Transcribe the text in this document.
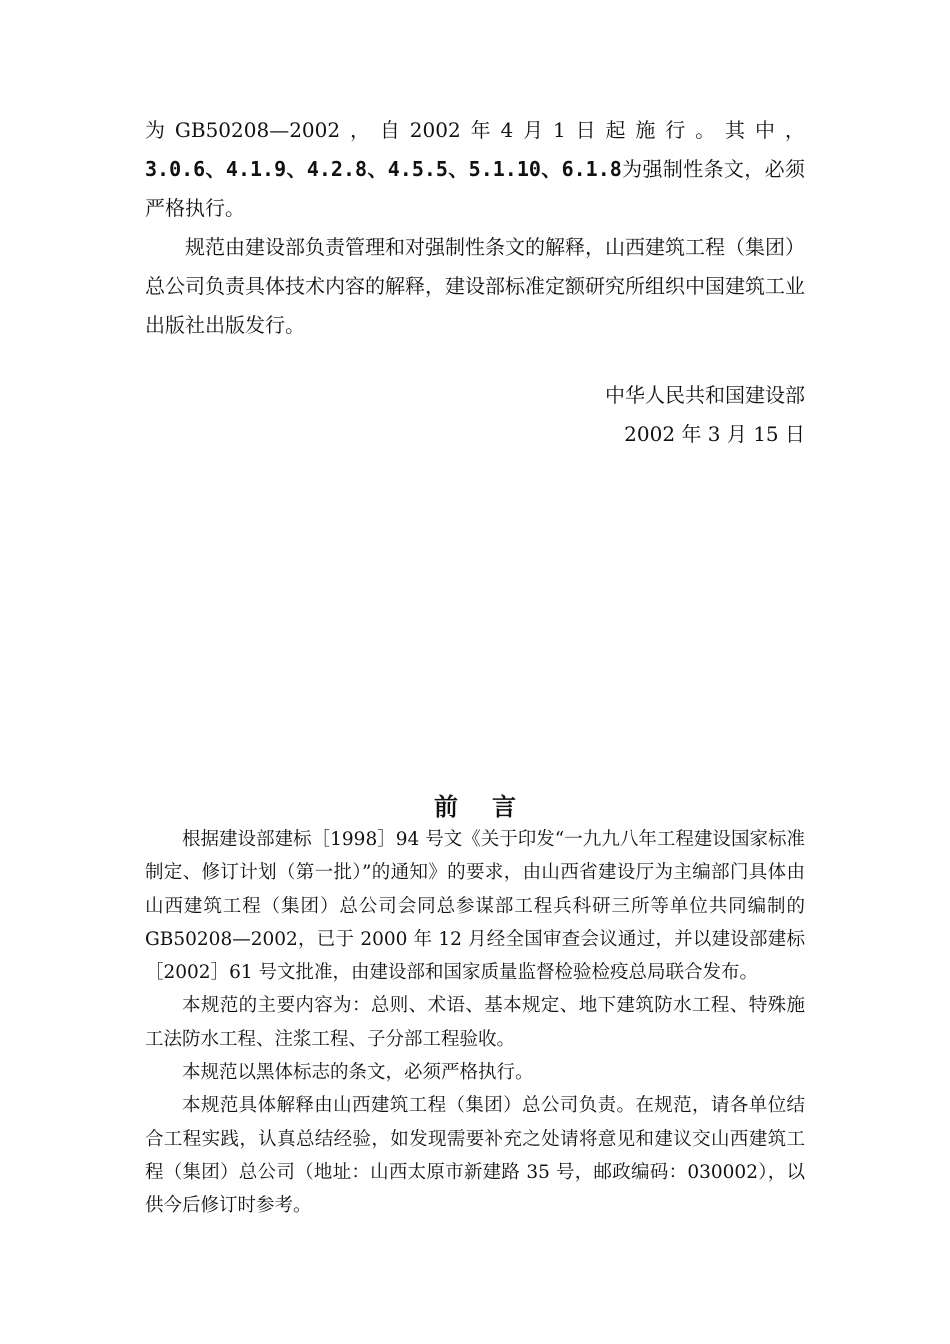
为 GB50208—2002 ， 自 2002 年 4 月 1 日 起 施 行 。 其 中 ，

3.0.6、4.1.9、4.2.8、4.5.5、5.1.10、6.1.8为强制性条文，必须严格执行。

规范由建设部负责管理和对强制性条文的解释，山西建筑工程（集团）总公司负责具体技术内容的解释，建设部标准定额研究所组织中国建筑工业出版社出版发行。

中华人民共和国建设部
2002 年 3 月 15 日
前言

根据建设部建标［1998］94 号文《关于印发“一九九八年工程建设国家标准制定、修订计划（第一批）”的通知》的要求，由山西省建设厅为主编部门具体由山西建筑工程（集团）总公司会同总参谋部工程兵科研三所等单位共同编制的 GB50208—2002，已于 2000 年 12 月经全国审查会议通过，并以建设部建标［2002］61 号文批准，由建设部和国家质量监督检验检疫总局联合发布。

本规范的主要内容为：总则、术语、基本规定、地下建筑防水工程、特殊施工法防水工程、注浆工程、子分部工程验收。

本规范以黑体标志的条文，必须严格执行。

本规范具体解释由山西建筑工程（集团）总公司负责。在规范，请各单位结合工程实践，认真总结经验，如发现需要补充之处请将意见和建议交山西建筑工程（集团）总公司（地址：山西太原市新建路 35 号，邮政编码：030002），以供今后修订时参考。
